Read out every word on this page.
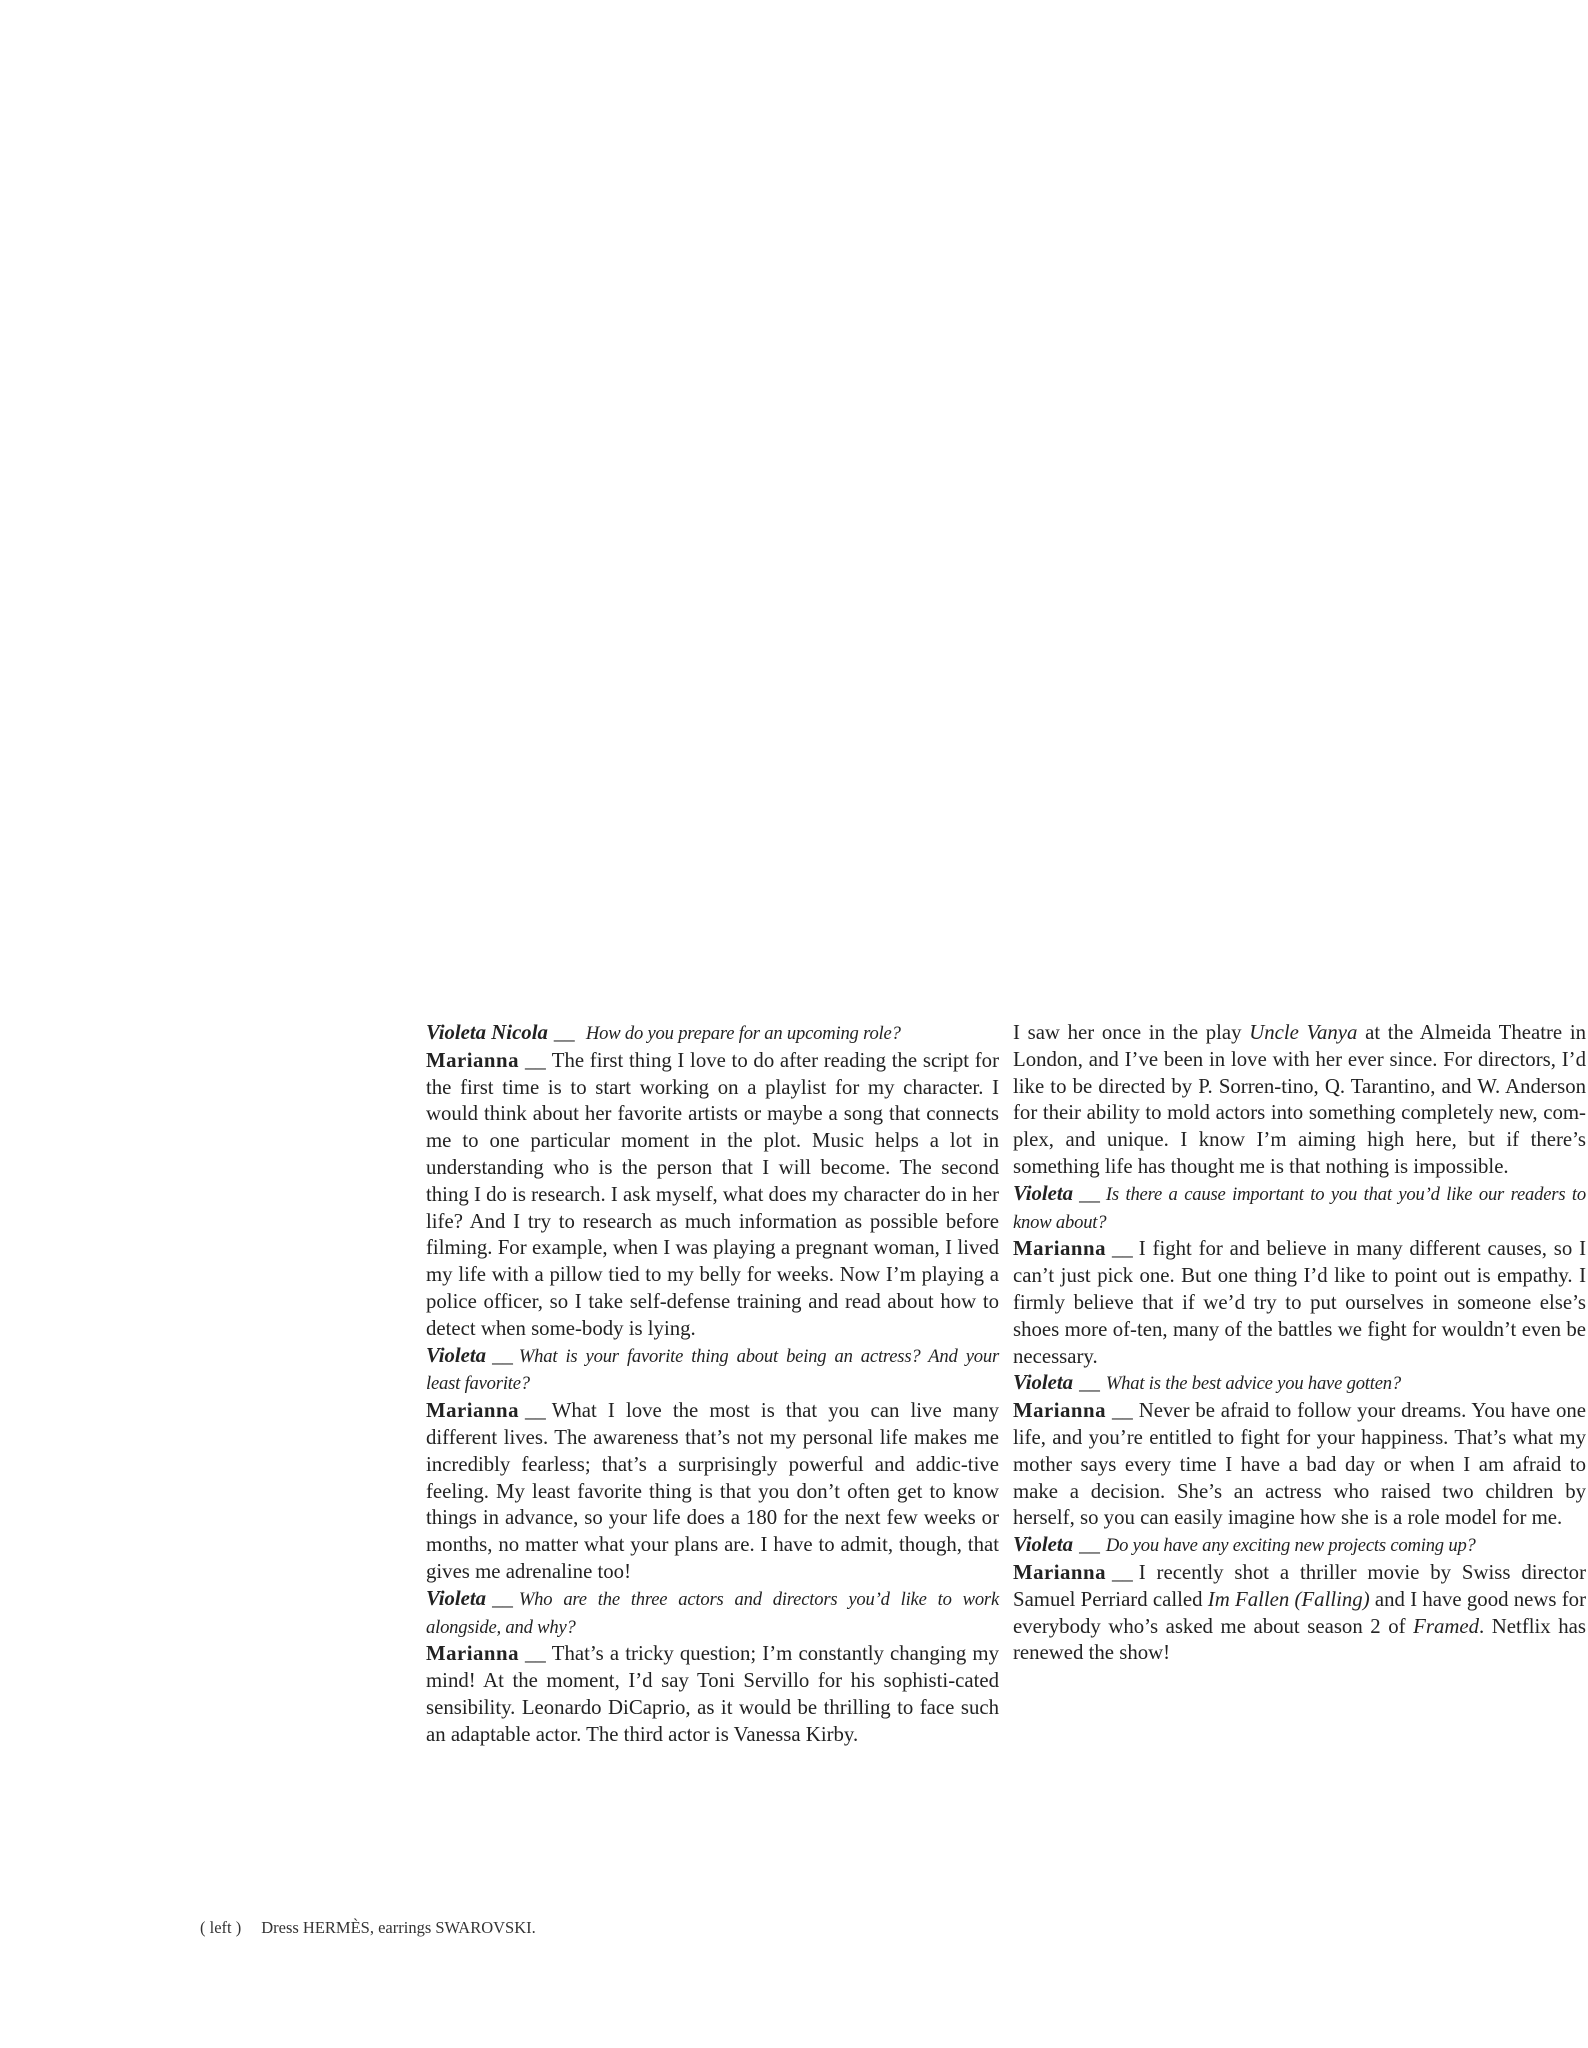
Violeta Nicola __ How do you prepare for an upcoming role?

Marianna __ The first thing I love to do after reading the script for the first time is to start working on a playlist for my character. I would think about her favorite artists or maybe a song that connects me to one particular moment in the plot. Music helps a lot in understanding who is the person that I will become. The second thing I do is research. I ask myself, what does my character do in her life? And I try to research as much information as possible before filming. For example, when I was playing a pregnant woman, I lived my life with a pillow tied to my belly for weeks. Now I’m playing a police officer, so I take self-defense training and read about how to detect when some-body is lying.

Violeta __ What is your favorite thing about being an actress? And your least favorite?

Marianna __ What I love the most is that you can live many different lives. The awareness that’s not my personal life makes me incredibly fearless; that’s a surprisingly powerful and addic-tive feeling. My least favorite thing is that you don’t often get to know things in advance, so your life does a 180 for the next few weeks or months, no matter what your plans are. I have to admit, though, that gives me adrenaline too!

Violeta __ Who are the three actors and directors you’d like to work alongside, and why?

Marianna __ That’s a tricky question; I’m constantly changing my mind! At the moment, I’d say Toni Servillo for his sophisti-cated sensibility. Leonardo DiCaprio, as it would be thrilling to face such an adaptable actor. The third actor is Vanessa Kirby.

I saw her once in the play Uncle Vanya at the Almeida Theatre in London, and I’ve been in love with her ever since. For directors, I’d like to be directed by P. Sorren-tino, Q. Tarantino, and W. Anderson for their ability to mold actors into something completely new, com-plex, and unique. I know I’m aiming high here, but if there’s something life has thought me is that nothing is impossible.

Violeta __ Is there a cause important to you that you’d like our readers to know about?

Marianna __ I fight for and believe in many different causes, so I can’t just pick one. But one thing I’d like to point out is empathy. I firmly believe that if we’d try to put ourselves in someone else’s shoes more of-ten, many of the battles we fight for wouldn’t even be necessary.

Violeta __ What is the best advice you have gotten?

Marianna __ Never be afraid to follow your dreams. You have one life, and you’re entitled to fight for your happiness. That’s what my mother says every time I have a bad day or when I am afraid to make a decision. She’s an actress who raised two children by herself, so you can easily imagine how she is a role model for me.

Violeta __ Do you have any exciting new projects coming up?

Marianna __ I recently shot a thriller movie by Swiss director Samuel Perriard called Im Fallen (Falling) and I have good news for everybody who’s asked me about season 2 of Framed. Netflix has renewed the show!

( left ) Dress HERMÈS, earrings SWAROVSKI.
